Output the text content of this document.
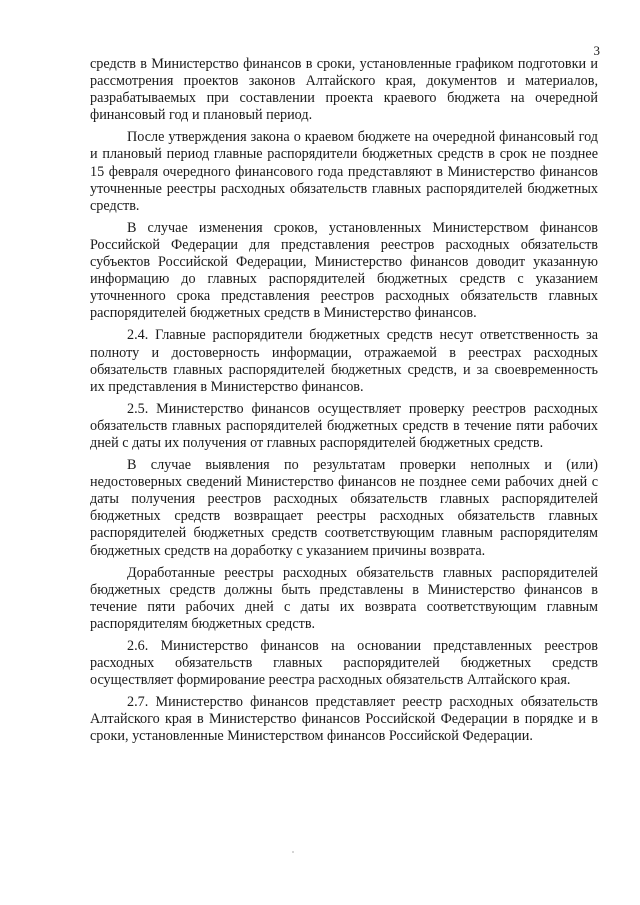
3

средств в Министерство финансов в сроки, установленные графиком подготовки и рассмотрения проектов законов Алтайского края, документов и материалов, разрабатываемых при составлении проекта краевого бюджета на очередной финансовый год и плановый период.

После утверждения закона о краевом бюджете на очередной финансовый год и плановый период главные распорядители бюджетных средств в срок не позднее 15 февраля очередного финансового года представляют в Министерство финансов уточненные реестры расходных обязательств главных распорядителей бюджетных средств.

В случае изменения сроков, установленных Министерством финансов Российской Федерации для представления реестров расходных обязательств субъектов Российской Федерации, Министерство финансов доводит указанную информацию до главных распорядителей бюджетных средств с указанием уточненного срока представления реестров расходных обязательств главных распорядителей бюджетных средств в Министерство финансов.

2.4. Главные распорядители бюджетных средств несут ответственность за полноту и достоверность информации, отражаемой в реестрах расходных обязательств главных распорядителей бюджетных средств, и за своевременность их представления в Министерство финансов.

2.5. Министерство финансов осуществляет проверку реестров расходных обязательств главных распорядителей бюджетных средств в течение пяти рабочих дней с даты их получения от главных распорядителей бюджетных средств.

В случае выявления по результатам проверки неполных и (или) недостоверных сведений Министерство финансов не позднее семи рабочих дней с даты получения реестров расходных обязательств главных распорядителей бюджетных средств возвращает реестры расходных обязательств главных распорядителей бюджетных средств соответствующим главным распорядителям бюджетных средств на доработку с указанием причины возврата.

Доработанные реестры расходных обязательств главных распорядителей бюджетных средств должны быть представлены в Министерство финансов в течение пяти рабочих дней с даты их возврата соответствующим главным распорядителям бюджетных средств.

2.6. Министерство финансов на основании представленных реестров расходных обязательств главных распорядителей бюджетных средств осуществляет формирование реестра расходных обязательств Алтайского края.

2.7. Министерство финансов представляет реестр расходных обязательств Алтайского края в Министерство финансов Российской Федерации в порядке и в сроки, установленные Министерством финансов Российской Федерации.
